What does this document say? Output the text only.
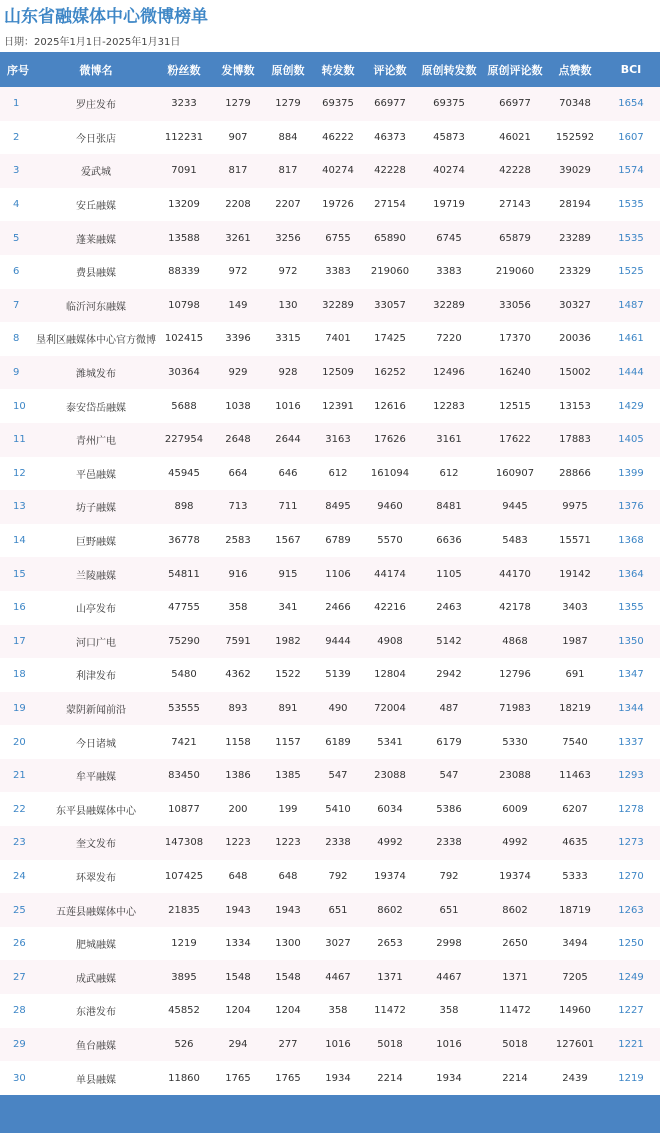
山东省融媒体中心微博榜单
日期：2025年1月1日-2025年1月31日
序号	微博名	粉丝数	发博数	原创数	转发数	评论数	原创转发数	原创评论数	点赞数	BCI
1	罗庄发布	3233	1279	1279	69375	66977	69375	66977	70348	1654
2	今日张店	112231	907	884	46222	46373	45873	46021	152592	1607
3	爱武城	7091	817	817	40274	42228	40274	42228	39029	1574
4	安丘融媒	13209	2208	2207	19726	27154	19719	27143	28194	1535
5	蓬莱融媒	13588	3261	3256	6755	65890	6745	65879	23289	1535
6	费县融媒	88339	972	972	3383	219060	3383	219060	23329	1525
7	临沂河东融媒	10798	149	130	32289	33057	32289	33056	30327	1487
8	垦利区融媒体中心官方微博	102415	3396	3315	7401	17425	7220	17370	20036	1461
9	潍城发布	30364	929	928	12509	16252	12496	16240	15002	1444
10	泰安岱岳融媒	5688	1038	1016	12391	12616	12283	12515	13153	1429
11	青州广电	227954	2648	2644	3163	17626	3161	17622	17883	1405
12	平邑融媒	45945	664	646	612	161094	612	160907	28866	1399
13	坊子融媒	898	713	711	8495	9460	8481	9445	9975	1376
14	巨野融媒	36778	2583	1567	6789	5570	6636	5483	15571	1368
15	兰陵融媒	54811	916	915	1106	44174	1105	44170	19142	1364
16	山亭发布	47755	358	341	2466	42216	2463	42178	3403	1355
17	河口广电	75290	7591	1982	9444	4908	5142	4868	1987	1350
18	利津发布	5480	4362	1522	5139	12804	2942	12796	691	1347
19	蒙阴新闻前沿	53555	893	891	490	72004	487	71983	18219	1344
20	今日诸城	7421	1158	1157	6189	5341	6179	5330	7540	1337
21	牟平融媒	83450	1386	1385	547	23088	547	23088	11463	1293
22	东平县融媒体中心	10877	200	199	5410	6034	5386	6009	6207	1278
23	奎文发布	147308	1223	1223	2338	4992	2338	4992	4635	1273
24	环翠发布	107425	648	648	792	19374	792	19374	5333	1270
25	五莲县融媒体中心	21835	1943	1943	651	8602	651	8602	18719	1263
26	肥城融媒	1219	1334	1300	3027	2653	2998	2650	3494	1250
27	成武融媒	3895	1548	1548	4467	1371	4467	1371	7205	1249
28	东港发布	45852	1204	1204	358	11472	358	11472	14960	1227
29	鱼台融媒	526	294	277	1016	5018	1016	5018	127601	1221
30	单县融媒	11860	1765	1765	1934	2214	1934	2214	2439	1219
